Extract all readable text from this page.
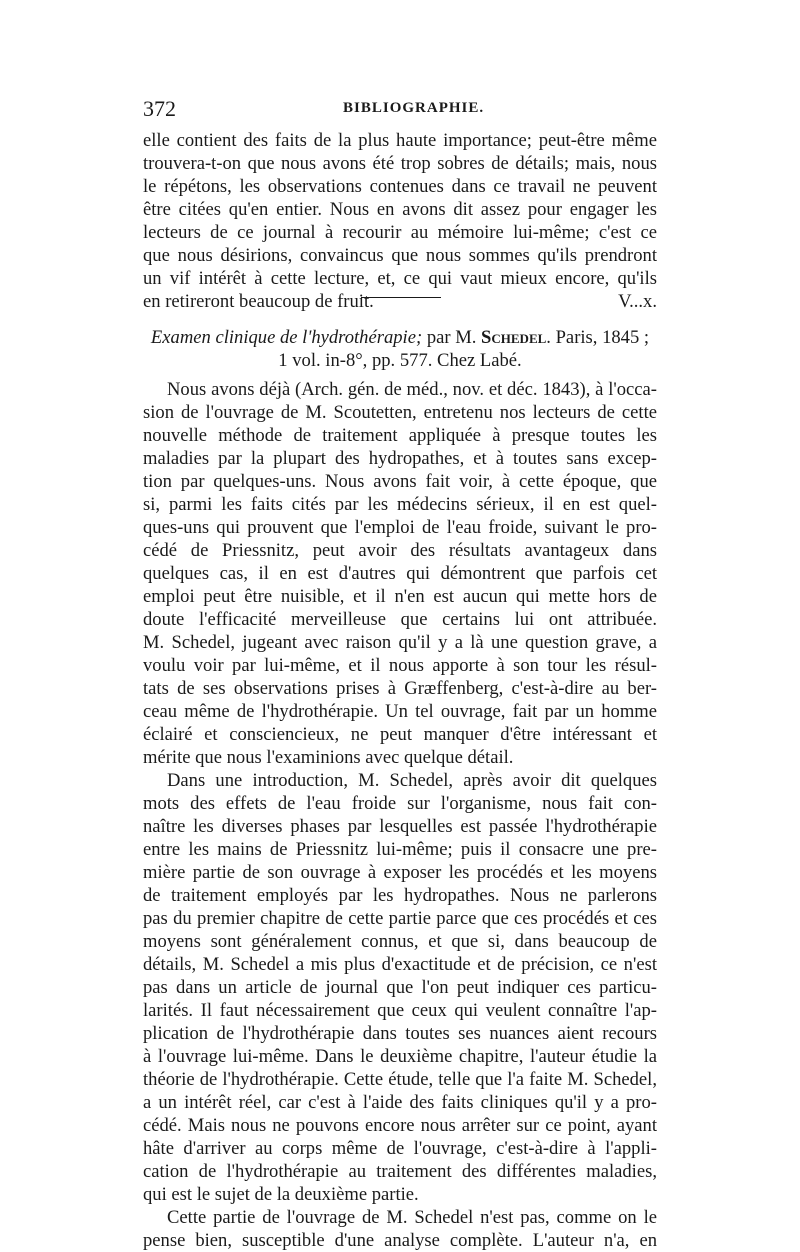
372	BIBLIOGRAPHIE.
elle contient des faits de la plus haute importance; peut-être même
trouvera-t-on que nous avons été trop sobres de détails; mais, nous
le répétons, les observations contenues dans ce travail ne peuvent
être citées qu'en entier. Nous en avons dit assez pour engager les
lecteurs de ce journal à recourir au mémoire lui-même; c'est ce
que nous désirions, convaincus que nous sommes qu'ils prendront
un vif intérêt à cette lecture, et, ce qui vaut mieux encore, qu'ils
en retireront beaucoup de fruit.	V...x.
Examen clinique de l'hydrothérapie; par M. Schedel. Paris, 1845 ;
1 vol. in-8°, pp. 577. Chez Labé.
Nous avons déjà (Arch. gén. de méd., nov. et déc. 1843), à l'occa-
sion de l'ouvrage de M. Scoutetten, entretenu nos lecteurs de cette
nouvelle méthode de traitement appliquée à presque toutes les
maladies par la plupart des hydropathes, et à toutes sans excep-
tion par quelques-uns. Nous avons fait voir, à cette époque, que
si, parmi les faits cités par les médecins sérieux, il en est quel-
ques-uns qui prouvent que l'emploi de l'eau froide, suivant le pro-
cédé de Priessnitz, peut avoir des résultats avantageux dans
quelques cas, il en est d'autres qui démontrent que parfois cet
emploi peut être nuisible, et il n'en est aucun qui mette hors de
doute l'efficacité merveilleuse que certains lui ont attribuée.
M. Schedel, jugeant avec raison qu'il y a là une question grave, a
voulu voir par lui-même, et il nous apporte à son tour les résul-
tats de ses observations prises à Græffenberg, c'est-à-dire au ber-
ceau même de l'hydrothérapie. Un tel ouvrage, fait par un homme
éclairé et consciencieux, ne peut manquer d'être intéressant et
mérite que nous l'examinions avec quelque détail.
Dans une introduction, M. Schedel, après avoir dit quelques
mots des effets de l'eau froide sur l'organisme, nous fait con-
naître les diverses phases par lesquelles est passée l'hydrothérapie
entre les mains de Priessnitz lui-même; puis il consacre une pre-
mière partie de son ouvrage à exposer les procédés et les moyens
de traitement employés par les hydropathes. Nous ne parlerons
pas du premier chapitre de cette partie parce que ces procédés et ces
moyens sont généralement connus, et que si, dans beaucoup de
détails, M. Schedel a mis plus d'exactitude et de précision, ce n'est
pas dans un article de journal que l'on peut indiquer ces particu-
larités. Il faut nécessairement que ceux qui veulent connaître l'ap-
plication de l'hydrothérapie dans toutes ses nuances aient recours
à l'ouvrage lui-même. Dans le deuxième chapitre, l'auteur étudie la
théorie de l'hydrothérapie. Cette étude, telle que l'a faite M. Schedel,
a un intérêt réel, car c'est à l'aide des faits cliniques qu'il y a pro-
cédé. Mais nous ne pouvons encore nous arrêter sur ce point, ayant
hâte d'arriver au corps même de l'ouvrage, c'est-à-dire à l'appli-
cation de l'hydrothérapie au traitement des différentes maladies,
qui est le sujet de la deuxième partie.
Cette partie de l'ouvrage de M. Schedel n'est pas, comme on le
pense bien, susceptible d'une analyse complète. L'auteur n'a, en
